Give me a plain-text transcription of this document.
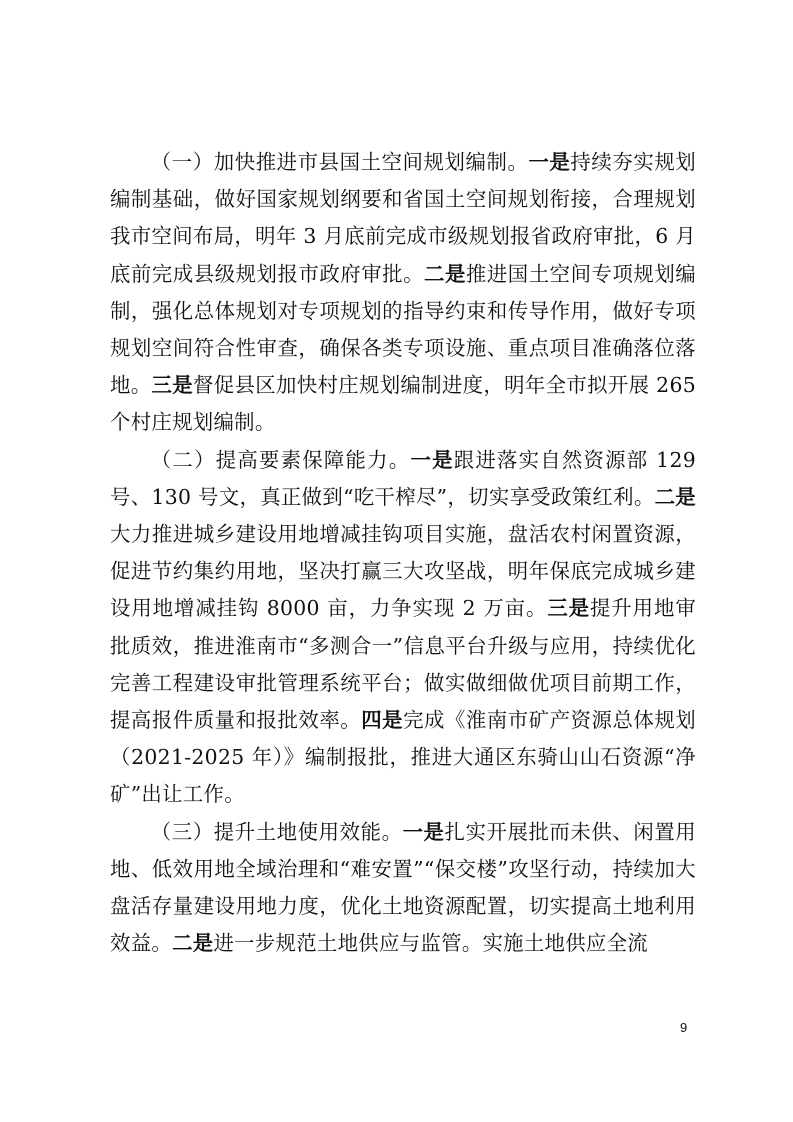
（一）加快推进市县国土空间规划编制。一是持续夯实规划编制基础，做好国家规划纲要和省国土空间规划衔接，合理规划我市空间布局，明年 3 月底前完成市级规划报省政府审批，6 月底前完成县级规划报市政府审批。二是推进国土空间专项规划编制，强化总体规划对专项规划的指导约束和传导作用，做好专项规划空间符合性审查，确保各类专项设施、重点项目准确落位落地。三是督促县区加快村庄规划编制进度，明年全市拟开展 265 个村庄规划编制。

（二）提高要素保障能力。一是跟进落实自然资源部 129 号、130 号文，真正做到“吃干榨尽”，切实享受政策红利。二是大力推进城乡建设用地增减挂钩项目实施，盘活农村闲置资源，促进节约集约用地，坚决打赢三大攻坚战，明年保底完成城乡建设用地增减挂钩 8000 亩，力争实现 2 万亩。三是提升用地审批质效，推进淮南市“多测合一”信息平台升级与应用，持续优化完善工程建设审批管理系统平台；做实做细做优项目前期工作，提高报件质量和报批效率。四是完成《淮南市矿产资源总体规划（2021-2025 年）》编制报批，推进大通区东骑山山石资源“净矿”出让工作。

（三）提升土地使用效能。一是扎实开展批而未供、闲置用地、低效用地全域治理和“难安置”“保交楼”攻坚行动，持续加大盘活存量建设用地力度，优化土地资源配置，切实提高土地利用效益。二是进一步规范土地供应与监管。实施土地供应全流

9
